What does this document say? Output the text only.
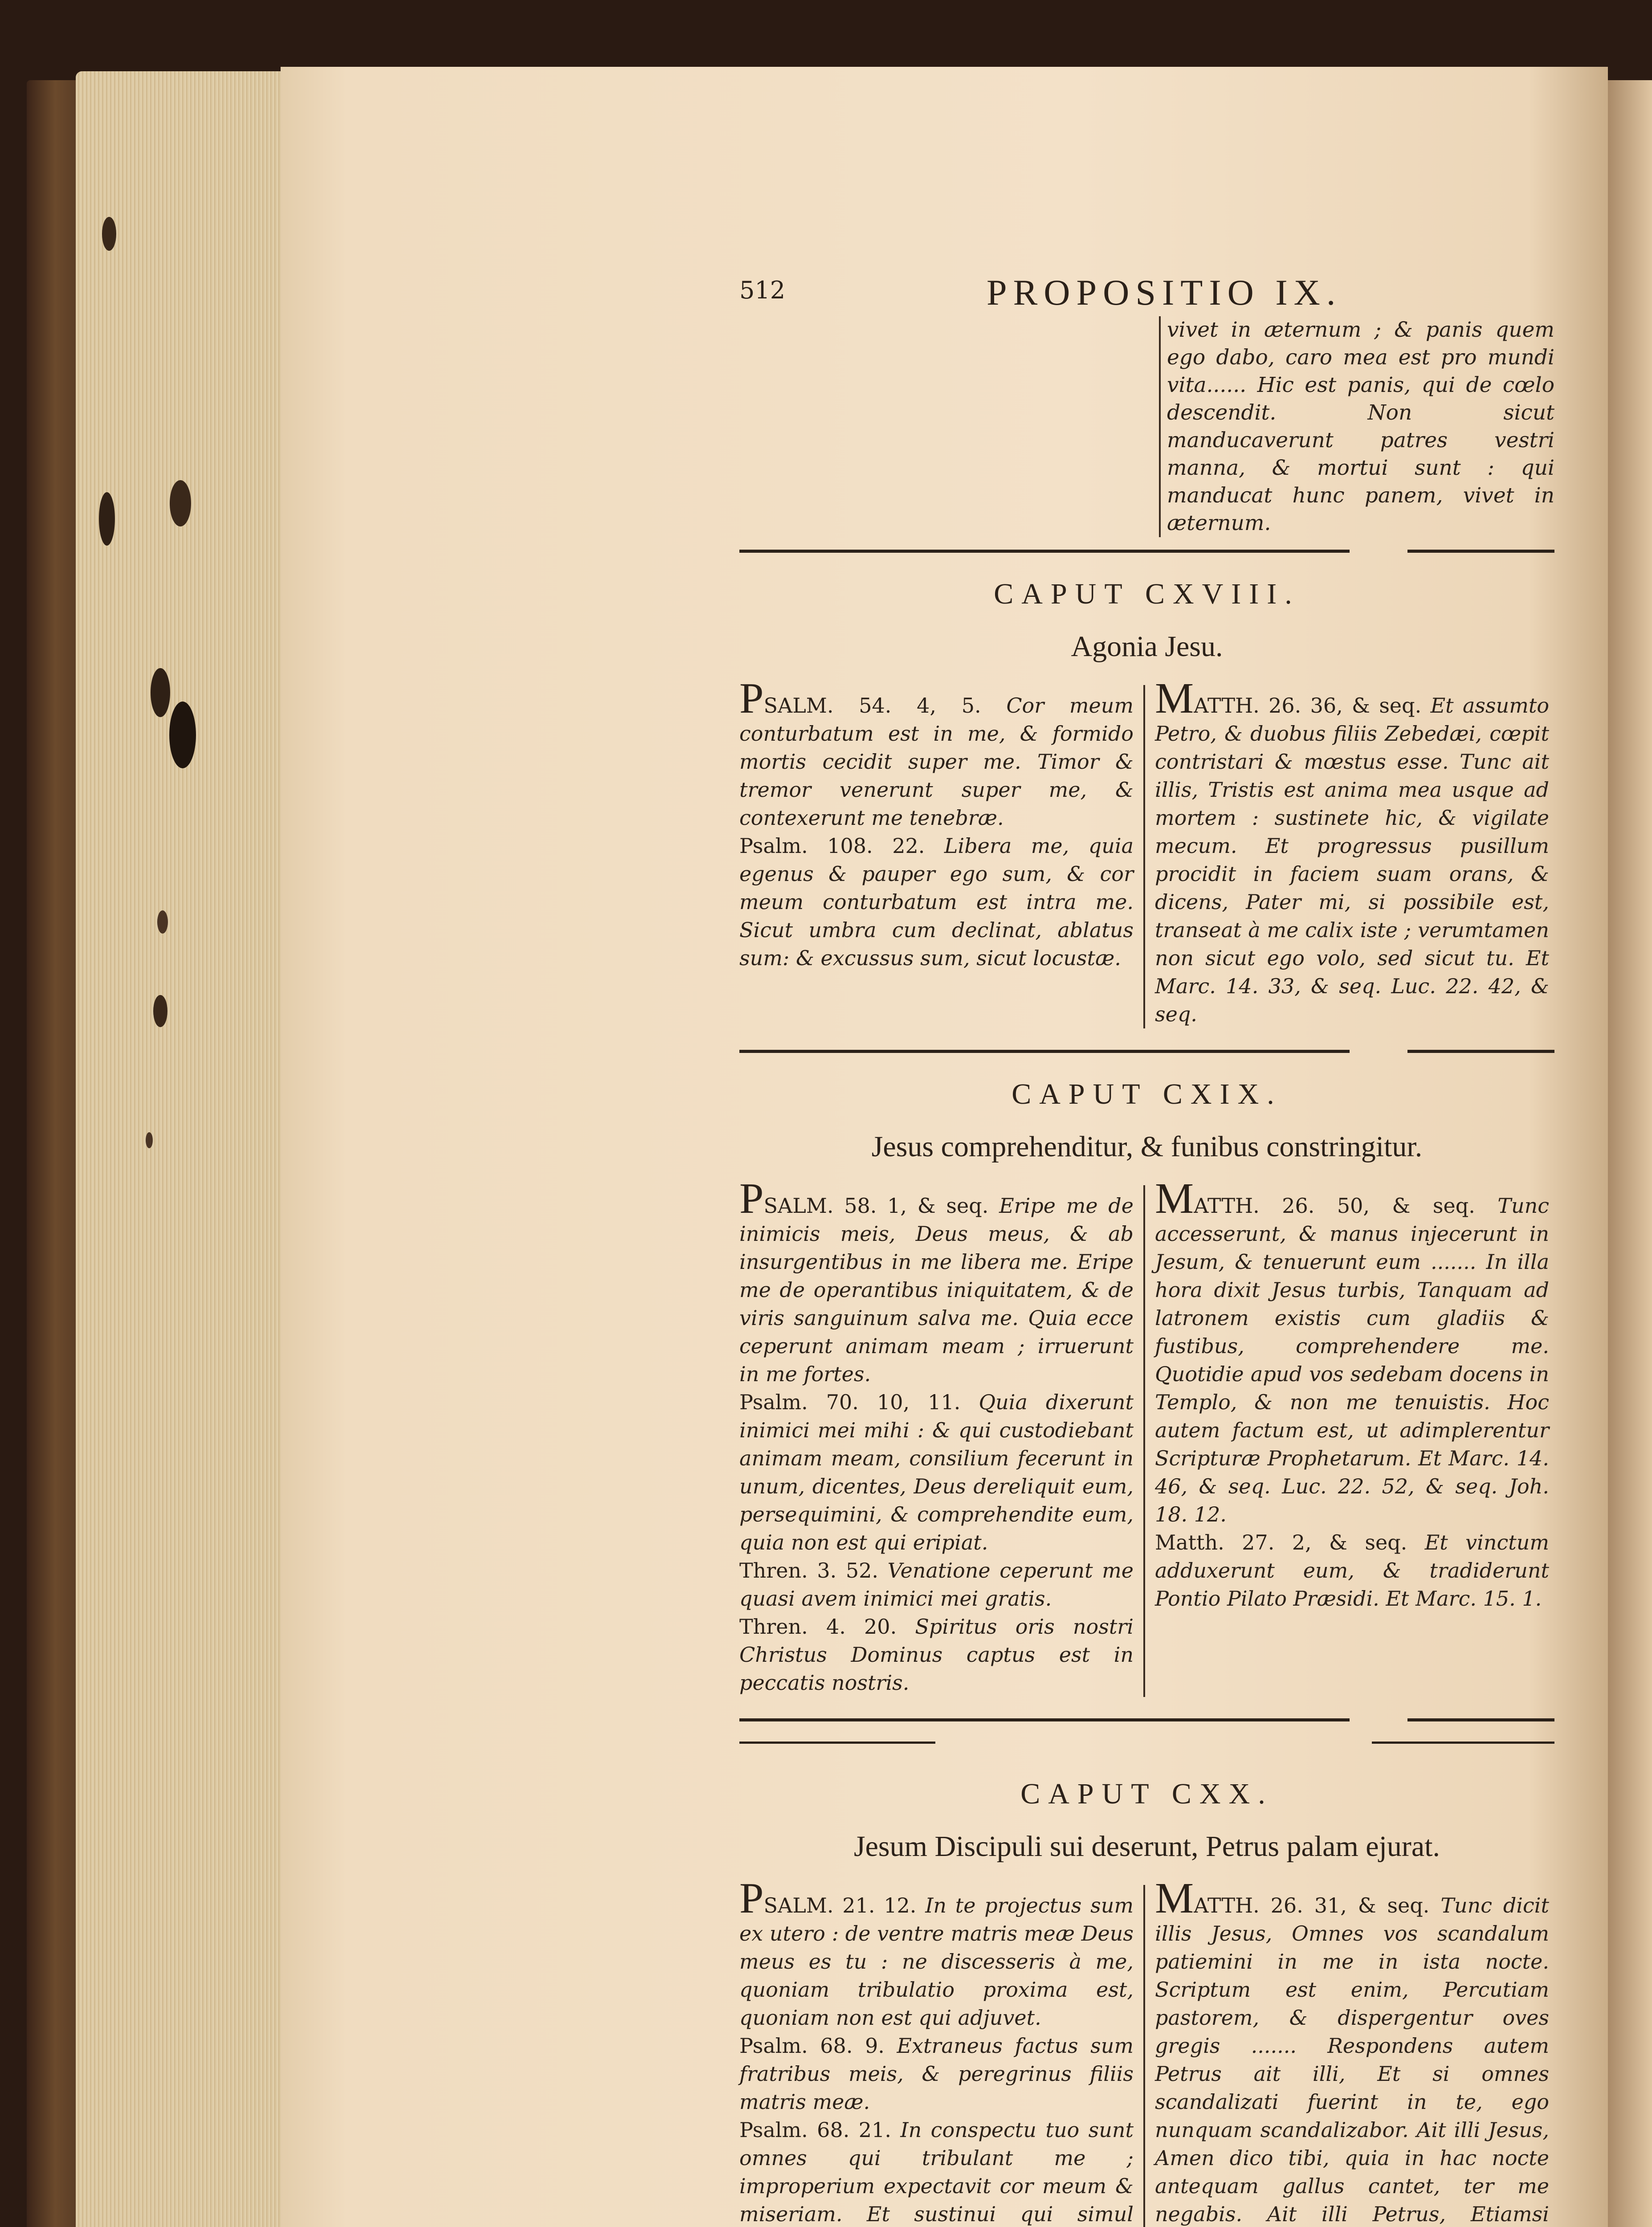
512	PROPOSITIO IX.
vivet in æternum ; & panis quem ego dabo, caro mea est pro mundi vita...... Hic est panis, qui de cœlo descendit. Non sicut manducaverunt patres vestri manna, & mortui sunt : qui manducat hunc panem, vivet in æternum.
CAPUT CXVIII.
Agonia Jesu.
PSALM. 54. 4, 5. Cor meum conturbatum est in me, & formido mortis cecidit super me. Timor & tremor venerunt super me, & contexerunt me tenebræ.
Psalm. 108. 22. Libera me, quia egenus & pauper ego sum, & cor meum conturbatum est intra me. Sicut umbra cum declinat, ablatus sum: & excussus sum, sicut locustæ.
MATTH. 26. 36, & seq. Et assumto Petro, & duobus filiis Zebedæi, cœpit contristari & mœstus esse. Tunc ait illis, Tristis est anima mea usque ad mortem : sustinete hic, & vigilate mecum. Et progressus pusillum procidit in faciem suam orans, & dicens, Pater mi, si possibile est, transeat à me calix iste ; verumtamen non sicut ego volo, sed sicut tu. Et Marc. 14. 33, & seq. Luc. 22. 42, & seq.
CAPUT CXIX.
Jesus comprehenditur, & funibus constringitur.
PSALM. 58. 1, & seq. Eripe me de inimicis meis, Deus meus, & ab insurgentibus in me libera me. Eripe me de operantibus iniquitatem, & de viris sanguinum salva me. Quia ecce ceperunt animam meam ; irruerunt in me fortes.
Psalm. 70. 10, 11. Quia dixerunt inimici mei mihi : & qui custodiebant animam meam, consilium fecerunt in unum, dicentes, Deus dereliquit eum, persequimini, & comprehendite eum, quia non est qui eripiat.
Thren. 3. 52. Venatione ceperunt me quasi avem inimici mei gratis.
Thren. 4. 20. Spiritus oris nostri Christus Dominus captus est in peccatis nostris.
MATTH. 26. 50, & seq. Tunc accesserunt, & manus injecerunt in Jesum, & tenuerunt eum ....... In illa hora dixit Jesus turbis, Tanquam ad latronem existis cum gladiis & fustibus, comprehendere me. Quotidie apud vos sedebam docens in Templo, & non me tenuistis. Hoc autem factum est, ut adimplerentur Scripturæ Prophetarum. Et Marc. 14. 46, & seq. Luc. 22. 52, & seq. Joh. 18. 12.
Matth. 27. 2, & seq. Et vinctum adduxerunt eum, & tradiderunt Pontio Pilato Præsidi. Et Marc. 15. 1.
CAPUT CXX.
Jesum Discipuli sui deserunt, Petrus palam ejurat.
PSALM. 21. 12. In te projectus sum ex utero : de ventre matris meæ Deus meus es tu : ne discesseris à me, quoniam tribulatio proxima est, quoniam non est qui adjuvet.
Psalm. 68. 9. Extraneus factus sum fratribus meis, & peregrinus filiis matris meæ.
Psalm. 68. 21. In conspectu tuo sunt omnes qui tribulant me ; improperium expectavit cor meum & miseriam. Et sustinui qui simul
MATTH. 26. 31, & seq. Tunc dicit illis Jesus, Omnes vos scandalum patiemini in me in ista nocte. Scriptum est enim, Percutiam pastorem, & dispergentur oves gregis ....... Respondens autem Petrus ait illi, Et si omnes scandalizati fuerint in te, ego nunquam scandalizabor. Ait illi Jesus, Amen dico tibi, quia in hac nocte antequam gallus cantet, ter me negabis. Ait illi Petrus, Etiamsi
